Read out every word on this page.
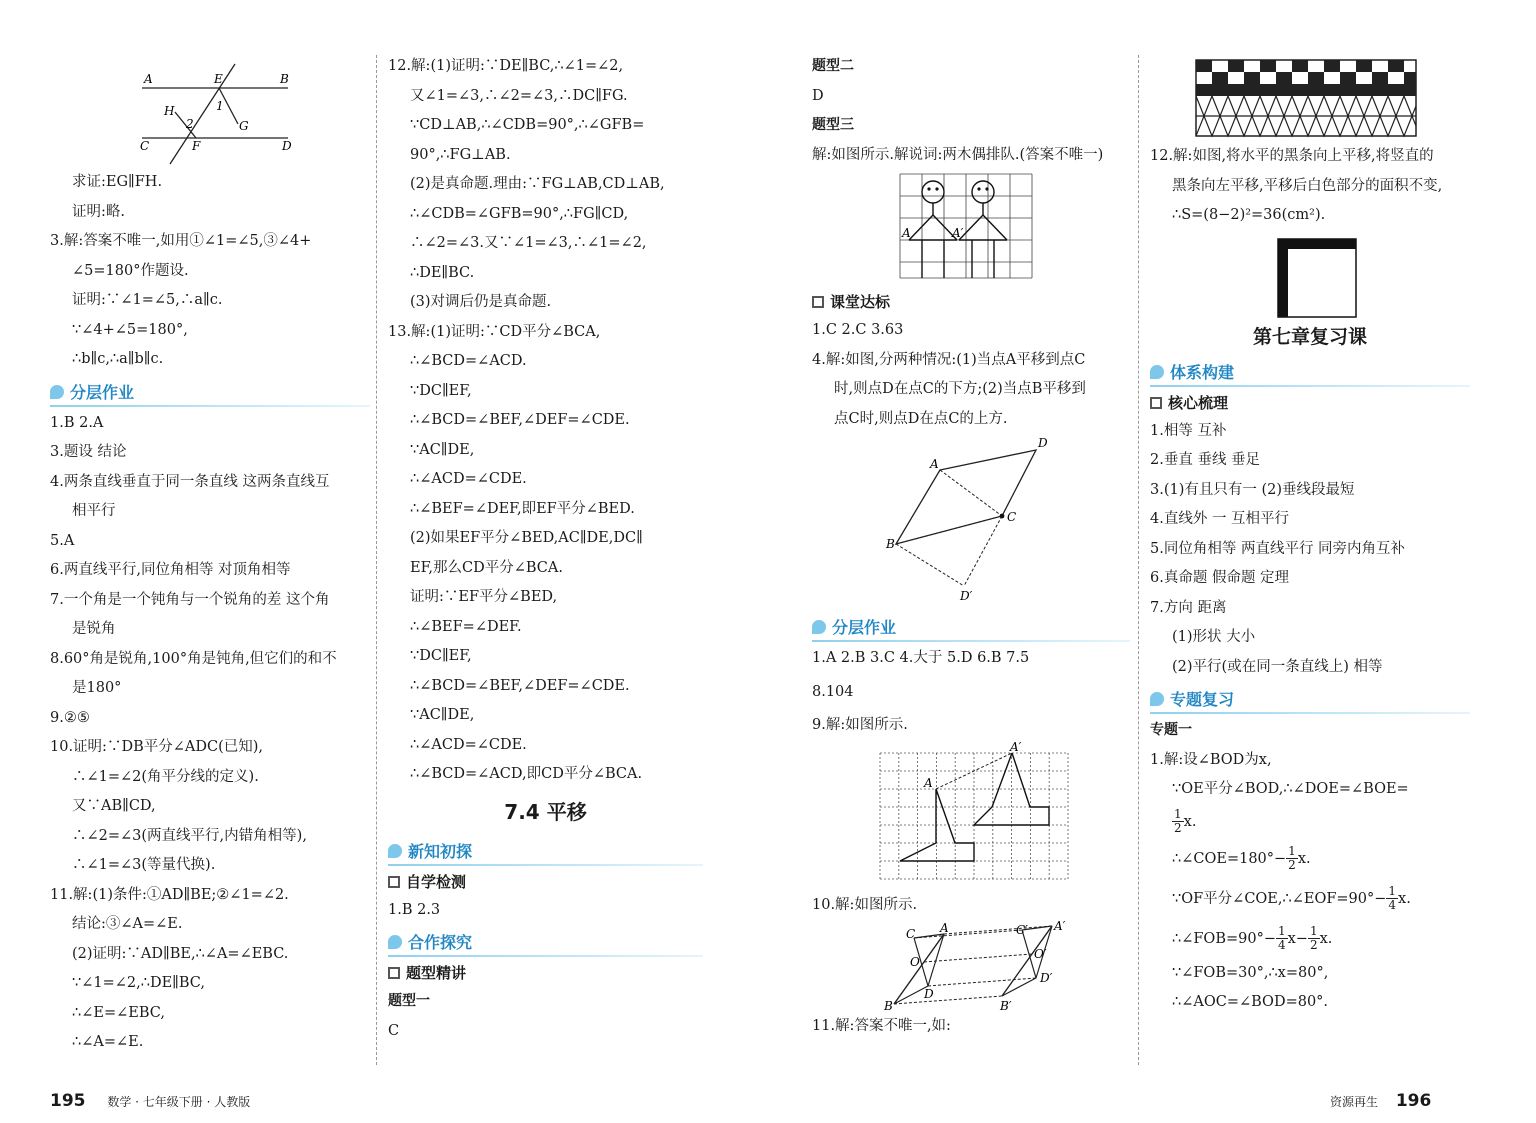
A	E	B
H	1
2	G
C	F	D
求证:EG∥FH.
证明:略.
3.解:答案不唯一,如用①∠1=∠5,③∠4+
∠5=180°作题设.
证明:∵∠1=∠5,∴a∥c.
∵∠4+∠5=180°,
∴b∥c,∴a∥b∥c.
分层作业
1.B 2.A
3.题设 结论
4.两条直线垂直于同一条直线 这两条直线互
相平行
5.A
6.两直线平行,同位角相等 对顶角相等
7.一个角是一个钝角与一个锐角的差 这个角
是锐角
8.60°角是锐角,100°角是钝角,但它们的和不
是180°
9.②⑤
10.证明:∵DB平分∠ADC(已知),
∴∠1=∠2(角平分线的定义).
又∵AB∥CD,
∴∠2=∠3(两直线平行,内错角相等),
∴∠1=∠3(等量代换).
11.解:(1)条件:①AD∥BE;②∠1=∠2.
结论:③∠A=∠E.
(2)证明:∵AD∥BE,∴∠A=∠EBC.
∵∠1=∠2,∴DE∥BC,
∴∠E=∠EBC,
∴∠A=∠E.
12.解:(1)证明:∵DE∥BC,∴∠1=∠2,
又∠1=∠3,∴∠2=∠3,∴DC∥FG.
∵CD⊥AB,∴∠CDB=90°,∴∠GFB=
90°,∴FG⊥AB.
(2)是真命题.理由:∵FG⊥AB,CD⊥AB,
∴∠CDB=∠GFB=90°,∴FG∥CD,
∴∠2=∠3.又∵∠1=∠3,∴∠1=∠2,
∴DE∥BC.
(3)对调后仍是真命题.
13.解:(1)证明:∵CD平分∠BCA,
∴∠BCD=∠ACD.
∵DC∥EF,
∴∠BCD=∠BEF,∠DEF=∠CDE.
∵AC∥DE,
∴∠ACD=∠CDE.
∴∠BEF=∠DEF,即EF平分∠BED.
(2)如果EF平分∠BED,AC∥DE,DC∥
EF,那么CD平分∠BCA.
证明:∵EF平分∠BED,
∴∠BEF=∠DEF.
∵DC∥EF,
∴∠BCD=∠BEF,∠DEF=∠CDE.
∵AC∥DE,
∴∠ACD=∠CDE.
∴∠BCD=∠ACD,即CD平分∠BCA.
7.4 平移
新知初探
自学检测
1.B 2.3
合作探究
题型精讲
题型一
C
题型二
D
题型三
解:如图所示.解说词:两木偶排队.(答案不唯一)
A	A′
课堂达标
1.C 2.C 3.63
4.解:如图,分两种情况:(1)当点A平移到点C
时,则点D在点C的下方;(2)当点B平移到
点C时,则点D在点C的上方.
D
A
C
B
D′
分层作业
1.A 2.B 3.C 4.大于 5.D 6.B 7.5
8.104
9.解:如图所示.
A
A′
10.解:如图所示.
C A	C′ A′
O
O′
D
D′
B	B′
11.解:答案不唯一,如:
12.解:如图,将水平的黑条向上平移,将竖直的
黑条向左平移,平移后白色部分的面积不变,
∴S=(8−2)²=36(cm²).
第七章复习课
体系构建
核心梳理
1.相等 互补
2.垂直 垂线 垂足
3.(1)有且只有一 (2)垂线段最短
4.直线外 一 互相平行
5.同位角相等 两直线平行 同旁内角互补
6.真命题 假命题 定理
7.方向 距离
(1)形状 大小
(2)平行(或在同一条直线上) 相等
专题复习
专题一
1.解:设∠BOD为x,
∵OE平分∠BOD,∴∠DOE=∠BOE=
$\frac{1}{2} x$.
∴∠COE=180°− $\frac{1}{2} x$.
∵OF平分∠COE,∴∠EOF=90°− $\frac{1}{4} x$.
∴∠FOB=90°− $\frac{1}{4} x- \frac{1}{2} x$.
∵∠FOB=30°,∴x=80°,
∴∠AOC=∠BOD=80°.
195 数学 · 七年级下册 · 人教版	资源再生 196
